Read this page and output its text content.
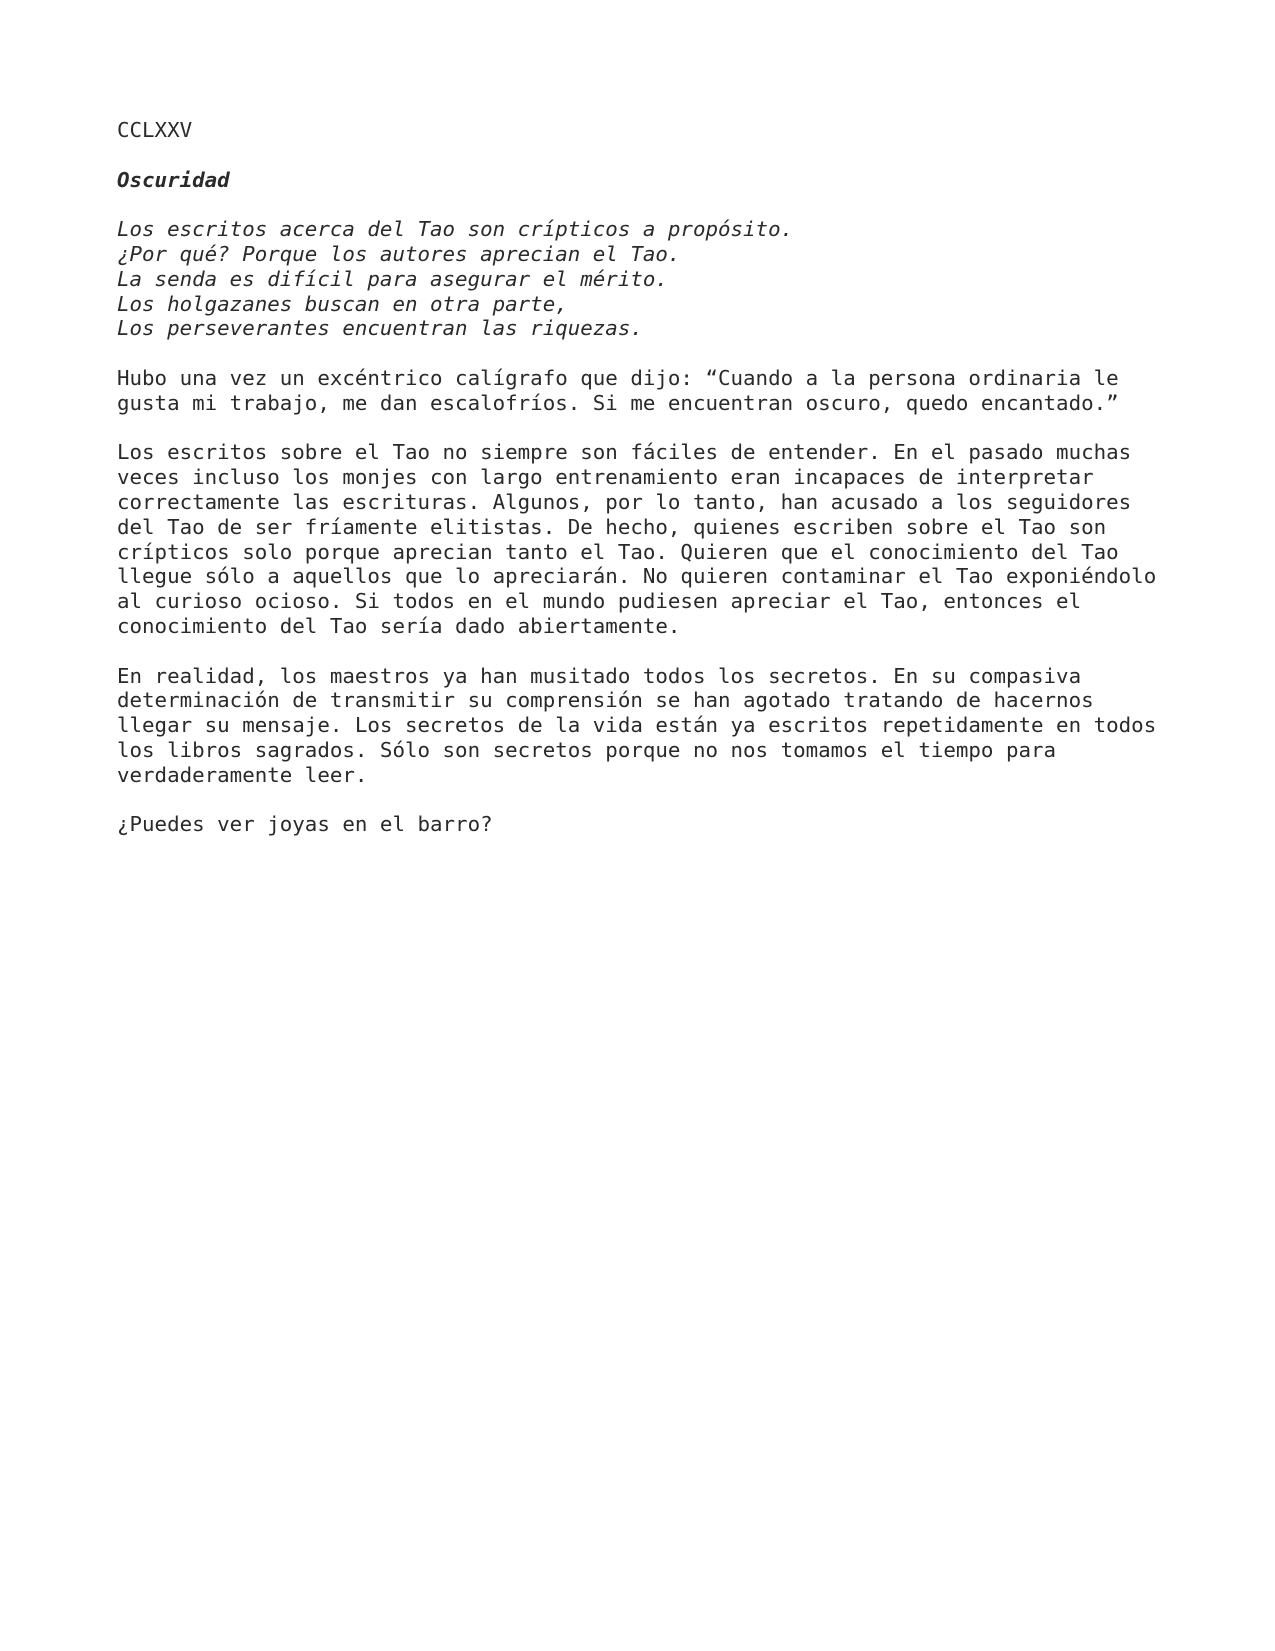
CCLXXV
Oscuridad
Los escritos acerca del Tao son crípticos a propósito.
¿Por qué? Porque los autores aprecian el Tao.
La senda es difícil para asegurar el mérito.
Los holgazanes buscan en otra parte,
Los perseverantes encuentran las riquezas.
Hubo una vez un excéntrico calígrafo que dijo: “Cuando a la persona ordinaria le
gusta mi trabajo, me dan escalofríos. Si me encuentran oscuro, quedo encantado.”
Los escritos sobre el Tao no siempre son fáciles de entender. En el pasado muchas
veces incluso los monjes con largo entrenamiento eran incapaces de interpretar
correctamente las escrituras. Algunos, por lo tanto, han acusado a los seguidores
del Tao de ser fríamente elitistas. De hecho, quienes escriben sobre el Tao son
crípticos solo porque aprecian tanto el Tao. Quieren que el conocimiento del Tao
llegue sólo a aquellos que lo apreciarán. No quieren contaminar el Tao exponiéndolo
al curioso ocioso. Si todos en el mundo pudiesen apreciar el Tao, entonces el
conocimiento del Tao sería dado abiertamente.
En realidad, los maestros ya han musitado todos los secretos. En su compasiva
determinación de transmitir su comprensión se han agotado tratando de hacernos
llegar su mensaje. Los secretos de la vida están ya escritos repetidamente en todos
los libros sagrados. Sólo son secretos porque no nos tomamos el tiempo para
verdaderamente leer.
¿Puedes ver joyas en el barro?
